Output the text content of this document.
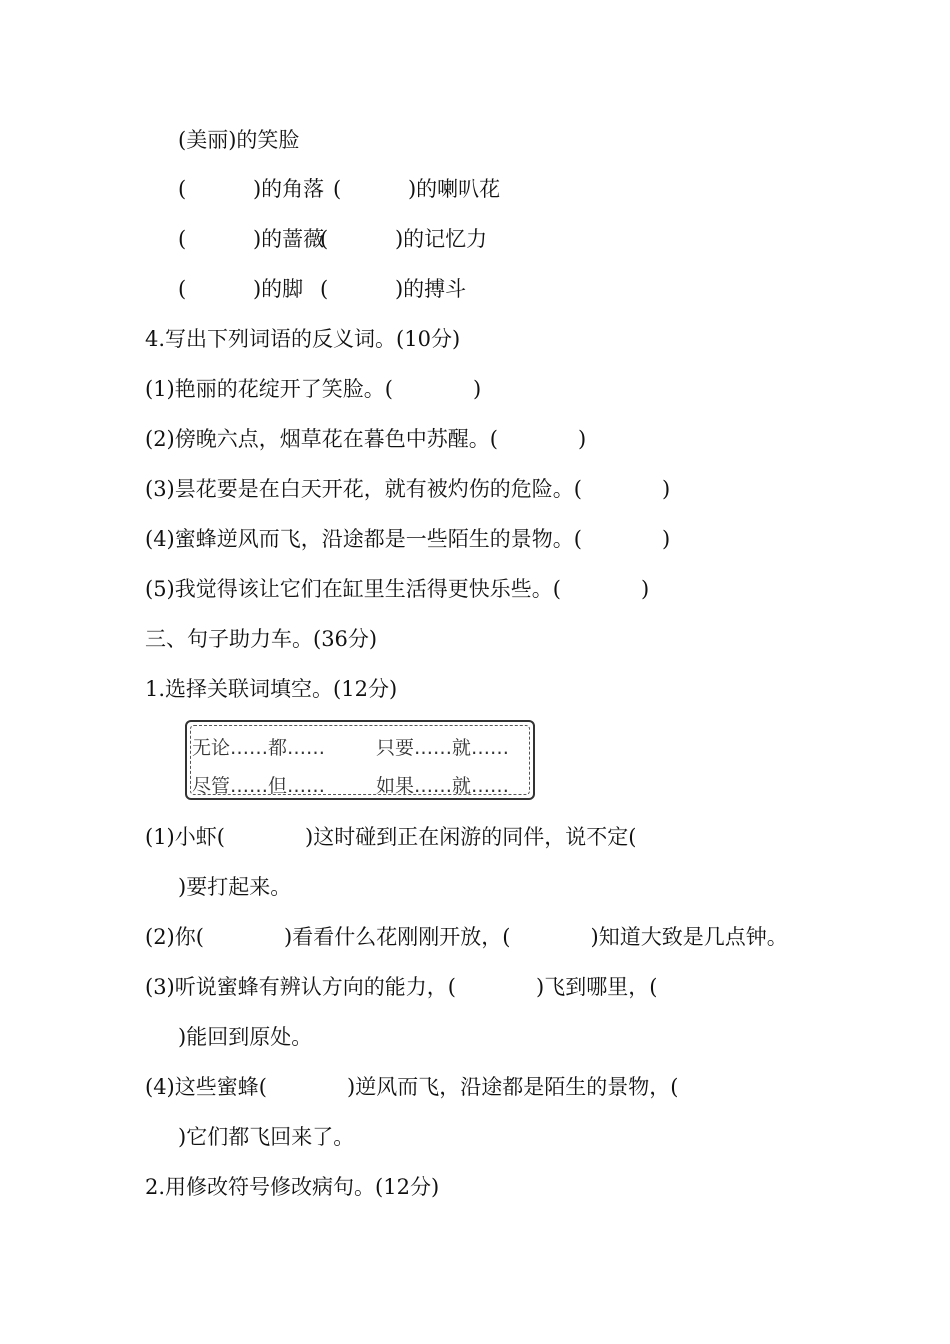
(美丽)的笑脸
(          )的角落 (          )的喇叭花
(          )的蔷薇
(          )的记忆力
(          )的脚 (          )的搏斗
4.写出下列词语的反义词。(10分)
(1)艳丽的花绽开了笑脸。(            )
(2)傍晚六点，烟草花在暮色中苏醒。(            )
(3)昙花要是在白天开花，就有被灼伤的危险。(            )
(4)蜜蜂逆风而飞，沿途都是一些陌生的景物。(            )
(5)我觉得该让它们在缸里生活得更快乐些。(            )
三、句子助力车。(36分)
1.选择关联词填空。(12分)
无论……都……	只要……就……
尽管……但……	如果……就……
(1)小虾(            )这时碰到正在闲游的同伴，说不定(
)要打起来。
(2)你(            )看看什么花刚刚开放，(            )知道大致是几点钟。
(3)听说蜜蜂有辨认方向的能力，(            )飞到哪里，(
)能回到原处。
(4)这些蜜蜂(            )逆风而飞，沿途都是陌生的景物，(
)它们都飞回来了。
2.用修改符号修改病句。(12分)
